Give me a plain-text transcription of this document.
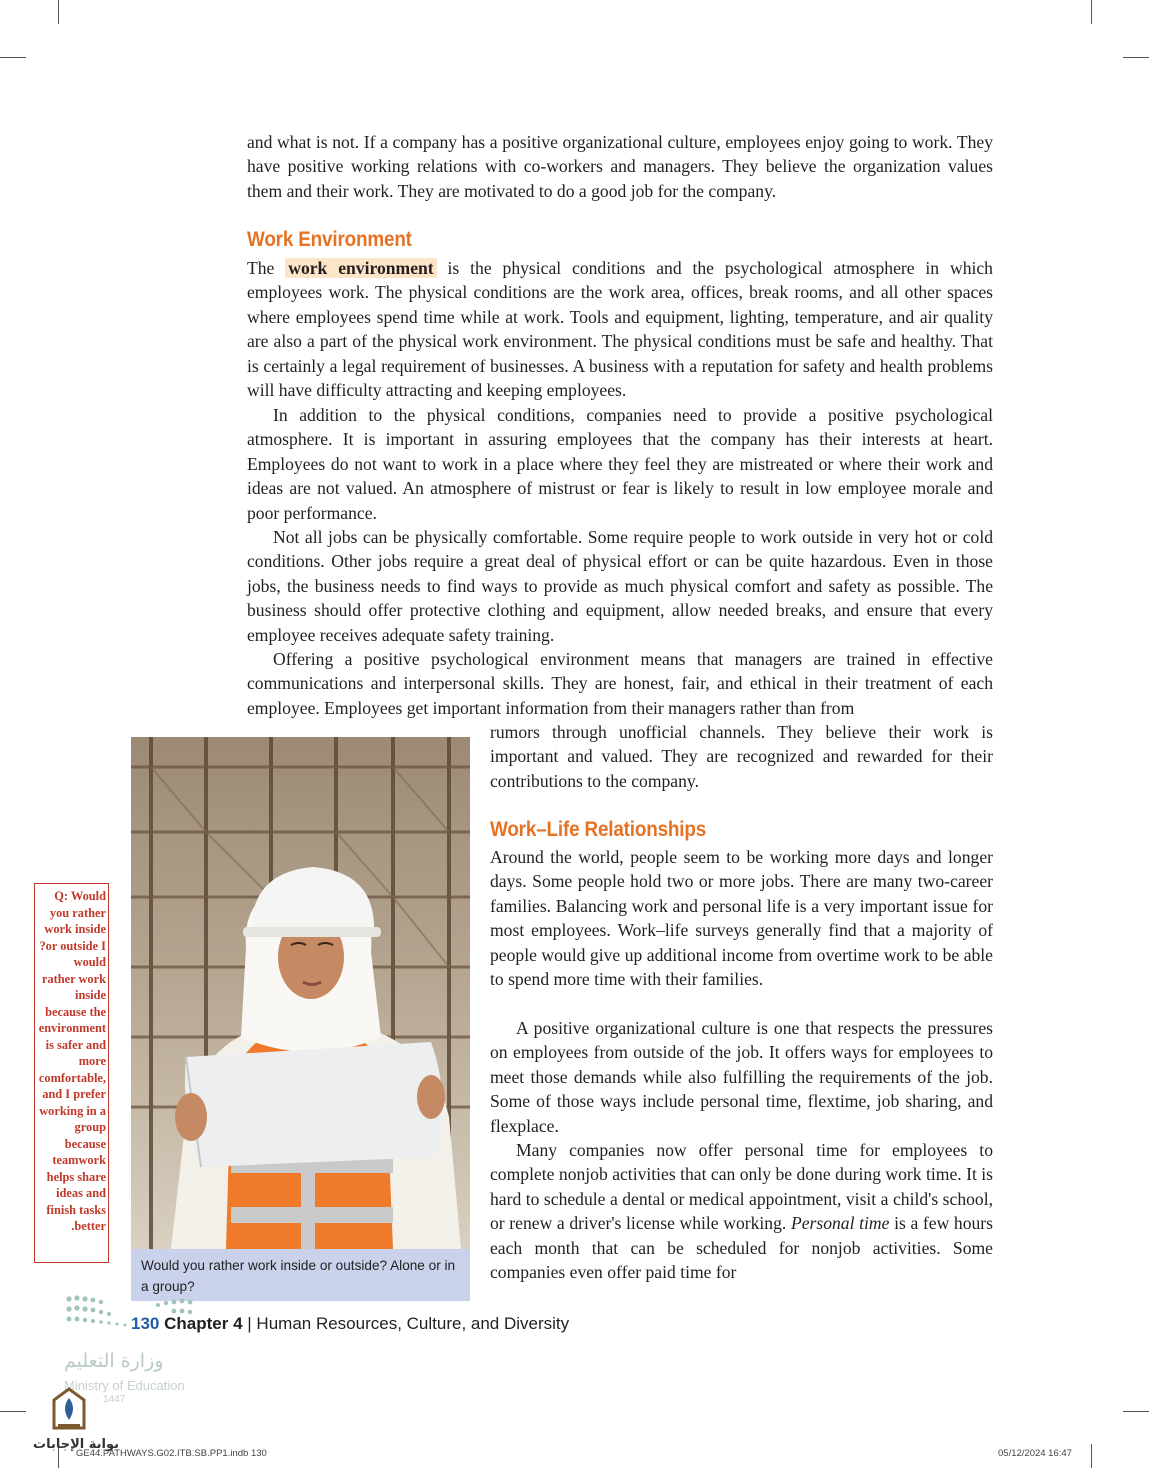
and what is not. If a company has a positive organizational culture, employees enjoy going to work. They have positive working relations with co-workers and managers. They believe the organization values them and their work. They are motivated to do a good job for the company.

Work Environment

The work environment is the physical conditions and the psychological atmosphere in which employees work. The physical conditions are the work area, offices, break rooms, and all other spaces where employees spend time while at work. Tools and equipment, lighting, temperature, and air quality are also a part of the physical work environment. The physical conditions must be safe and healthy. That is certainly a legal requirement of businesses. A business with a reputation for safety and health problems will have difficulty attracting and keeping employees.

In addition to the physical conditions, companies need to provide a positive psychological atmosphere. It is important in assuring employees that the company has their interests at heart. Employees do not want to work in a place where they feel they are mistreated or where their work and ideas are not valued. An atmosphere of mistrust or fear is likely to result in low employee morale and poor performance.

Not all jobs can be physically comfortable. Some require people to work outside in very hot or cold conditions. Other jobs require a great deal of physical effort or can be quite hazardous. Even in those jobs, the business needs to find ways to provide as much physical comfort and safety as possible. The business should offer protective clothing and equipment, allow needed breaks, and ensure that every employee receives adequate safety training.

Offering a positive psychological environment means that managers are trained in effective communications and interpersonal skills. They are honest, fair, and ethical in their treatment of each employee. Employees get important information from their managers rather than from

rumors through unofficial channels. They believe their work is important and valued. They are recognized and rewarded for their contributions to the company.

Would you rather work inside or outside? Alone or in a group?
Q: Would you rather work inside ?or outside I would rather work inside because the environment is safer and more comfortable, and I prefer working in a group because teamwork helps share ideas and finish tasks .better
Work–Life Relationships

Around the world, people seem to be working more days and longer days. Some people hold two or more jobs. There are many two-career families. Balancing work and personal life is a very important issue for most employees. Work–life surveys generally find that a majority of people would give up additional income from overtime work to be able to spend more time with their families.

A positive organizational culture is one that respects the pressures on employees from outside of the job. It offers ways for employees to meet those demands while also fulfilling the requirements of the job. Some of those ways include personal time, flextime, job sharing, and flexplace.

Many companies now offer personal time for employees to complete nonjob activities that can only be done during work time. It is hard to schedule a dental or medical appointment, visit a child's school, or renew a driver's license while working. Personal time is a few hours each month that can be scheduled for nonjob activities. Some companies even offer paid time for

130 Chapter 4 | Human Resources, Culture, and Diversity
وزارة التعليم
Ministry of Education
1447
بوابة الإجابات
GE44.PATHWAYS.G02.ITB.SB.PP1.indb 130	05/12/2024 16:47
